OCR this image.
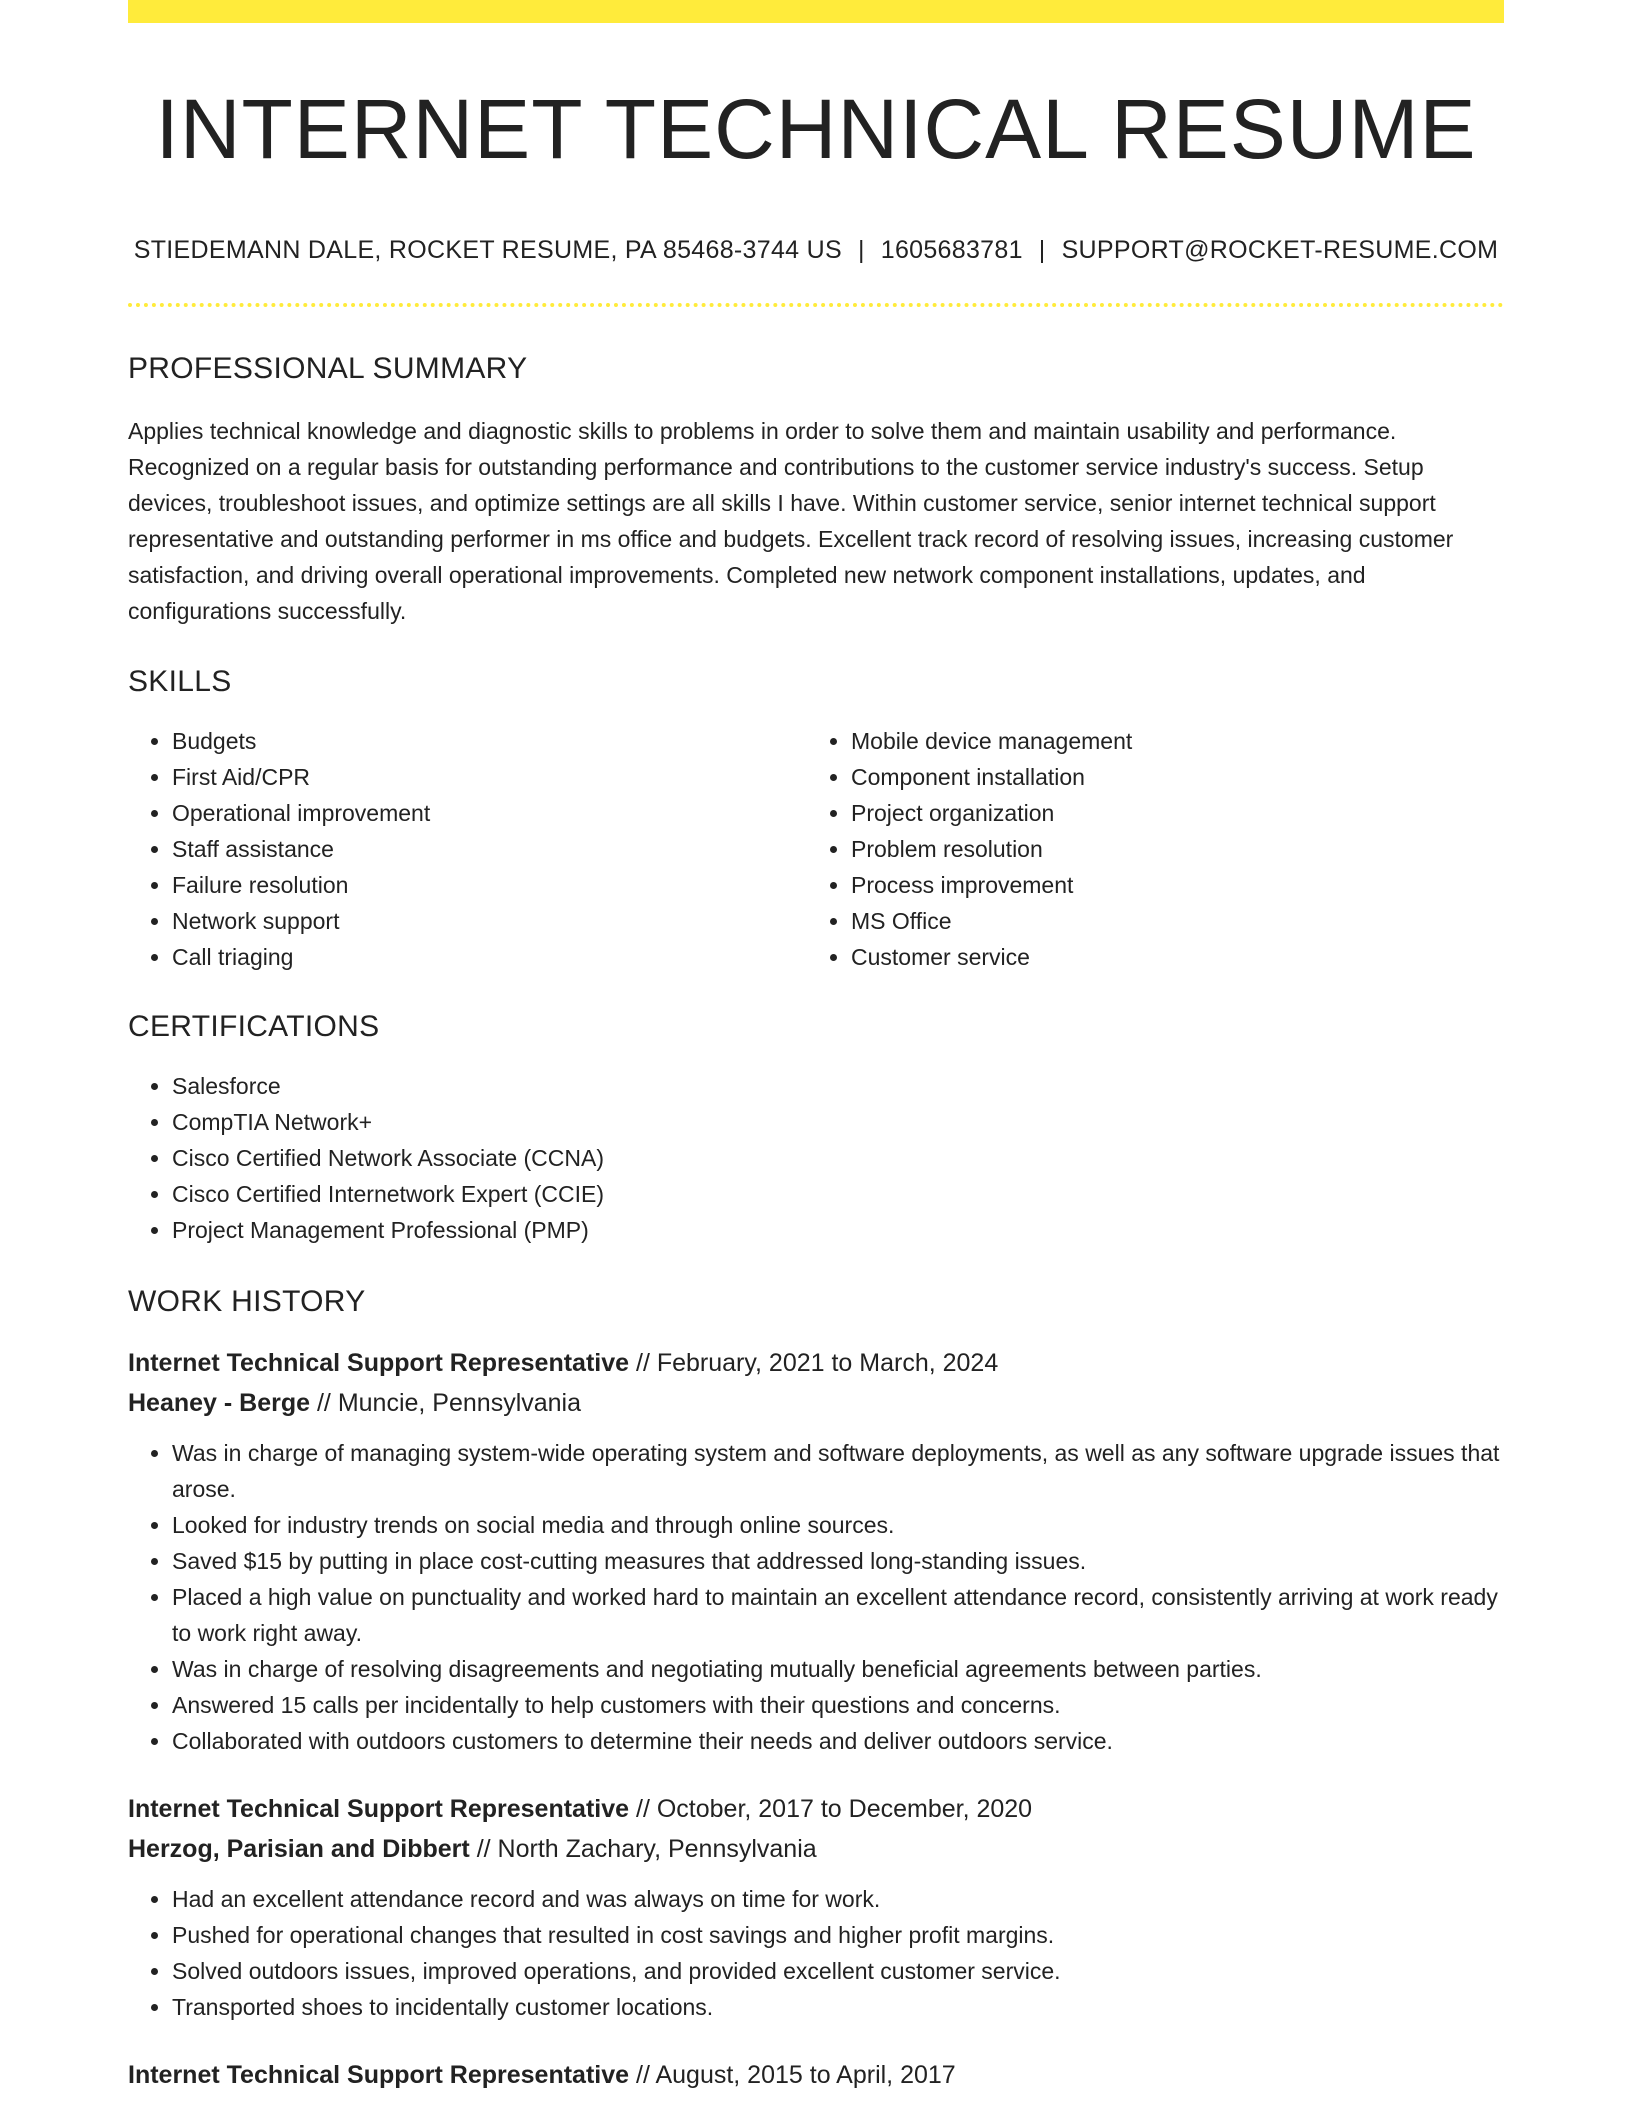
INTERNET TECHNICAL RESUME
STIEDEMANN DALE, ROCKET RESUME, PA 85468-3744 US | 1605683781 | SUPPORT@ROCKET-RESUME.COM
PROFESSIONAL SUMMARY

Applies technical knowledge and diagnostic skills to problems in order to solve them and maintain usability and performance. Recognized on a regular basis for outstanding performance and contributions to the customer service industry's success. Setup devices, troubleshoot issues, and optimize settings are all skills I have. Within customer service, senior internet technical support representative and outstanding performer in ms office and budgets. Excellent track record of resolving issues, increasing customer satisfaction, and driving overall operational improvements. Completed new network component installations, updates, and configurations successfully.

SKILLS
• Budgets
• First Aid/CPR
• Operational improvement
• Staff assistance
• Failure resolution
• Network support
• Call triaging
• Mobile device management
• Component installation
• Project organization
• Problem resolution
• Process improvement
• MS Office
• Customer service
CERTIFICATIONS
• Salesforce
• CompTIA Network+
• Cisco Certified Network Associate (CCNA)
• Cisco Certified Internetwork Expert (CCIE)
• Project Management Professional (PMP)
WORK HISTORY
Internet Technical Support Representative // February, 2021 to March, 2024
Heaney - Berge // Muncie, Pennsylvania
• Was in charge of managing system-wide operating system and software deployments, as well as any software upgrade issues that arose.
• Looked for industry trends on social media and through online sources.
• Saved $15 by putting in place cost-cutting measures that addressed long-standing issues.
• Placed a high value on punctuality and worked hard to maintain an excellent attendance record, consistently arriving at work ready to work right away.
• Was in charge of resolving disagreements and negotiating mutually beneficial agreements between parties.
• Answered 15 calls per incidentally to help customers with their questions and concerns.
• Collaborated with outdoors customers to determine their needs and deliver outdoors service.
Internet Technical Support Representative // October, 2017 to December, 2020
Herzog, Parisian and Dibbert // North Zachary, Pennsylvania
• Had an excellent attendance record and was always on time for work.
• Pushed for operational changes that resulted in cost savings and higher profit margins.
• Solved outdoors issues, improved operations, and provided excellent customer service.
• Transported shoes to incidentally customer locations.
Internet Technical Support Representative // August, 2015 to April, 2017
